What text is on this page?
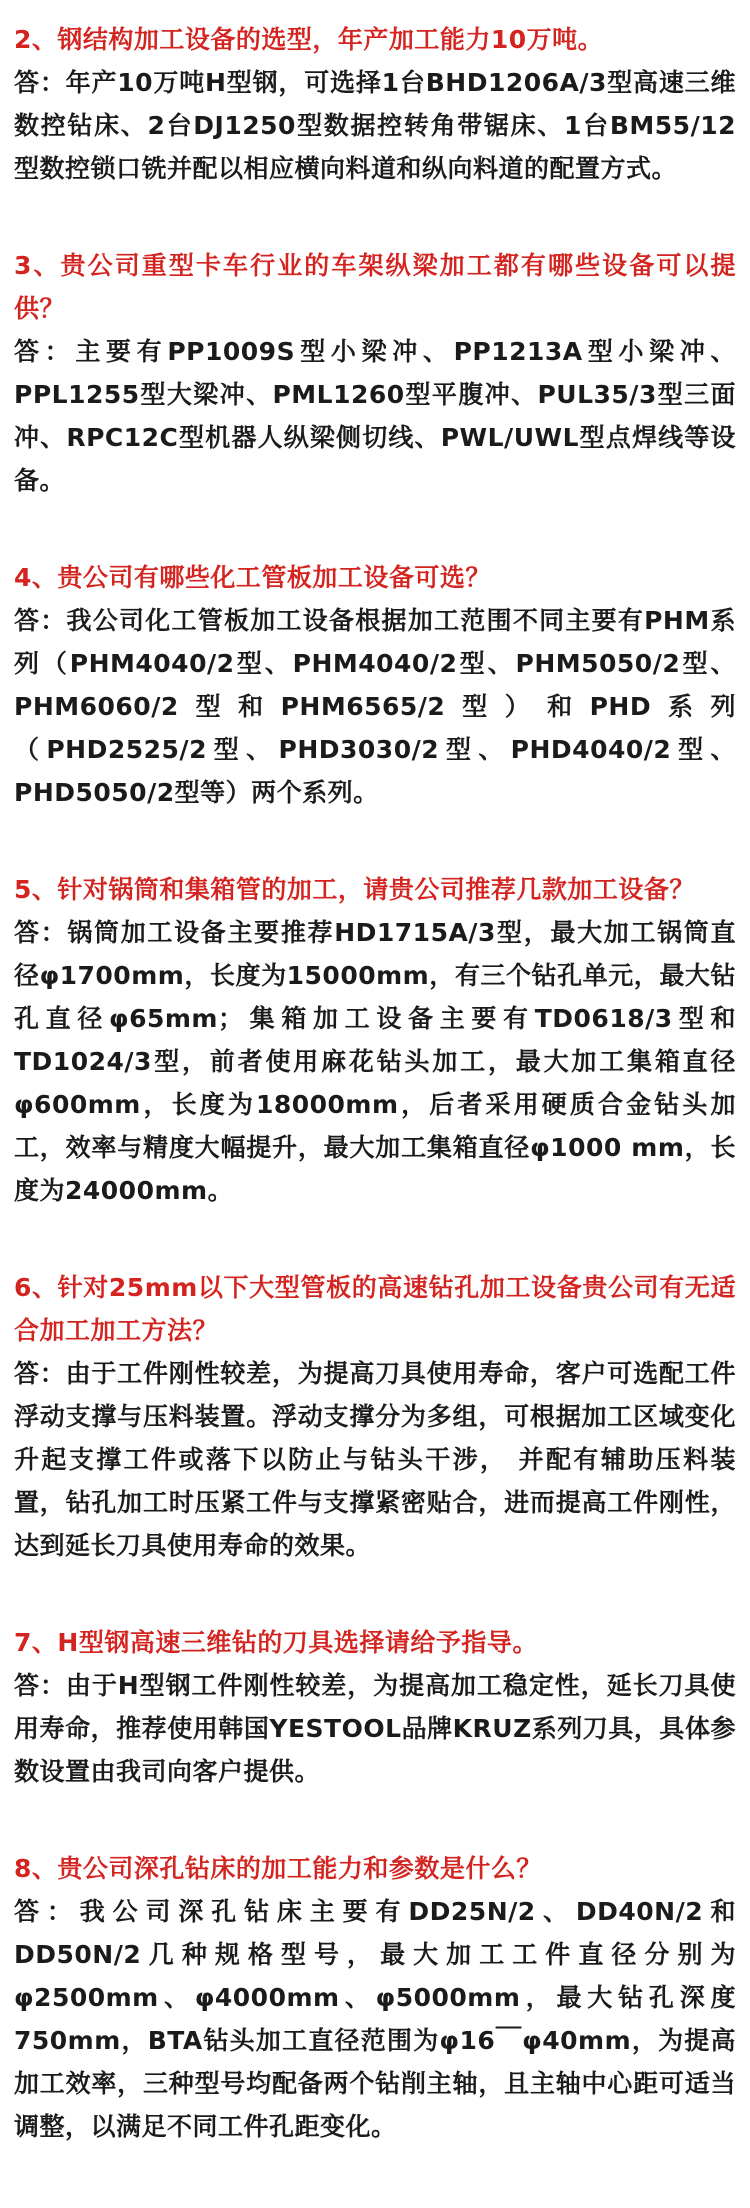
2、钢结构加工设备的选型，年产加工能力10万吨。

答：年产10万吨H型钢，可选择1台BHD1206A/3型高速三维数控钻床、2台DJ1250型数据控转角带锯床、1台BM55/12型数控锁口铣并配以相应横向料道和纵向料道的配置方式。

3、贵公司重型卡车行业的车架纵梁加工都有哪些设备可以提供？

答：主要有PP1009S型小梁冲、PP1213A型小梁冲、PPL1255型大梁冲、PML1260型平腹冲、PUL35/3型三面冲、RPC12C型机器人纵梁侧切线、PWL/UWL型点焊线等设备。

4、贵公司有哪些化工管板加工设备可选？

答：我公司化工管板加工设备根据加工范围不同主要有PHM系列（PHM4040/2型、PHM4040/2型、PHM5050/2型、PHM6060/2型和PHM6565/2型）和PHD系列（PHD2525/2型、PHD3030/2型、PHD4040/2型、PHD5050/2型等）两个系列。

5、针对锅筒和集箱管的加工，请贵公司推荐几款加工设备？

答：锅筒加工设备主要推荐HD1715A/3型，最大加工锅筒直径φ1700mm，长度为15000mm，有三个钻孔单元，最大钻孔直径φ65mm；集箱加工设备主要有TD0618/3型和TD1024/3型，前者使用麻花钻头加工，最大加工集箱直径φ600mm，长度为18000mm，后者采用硬质合金钻头加工，效率与精度大幅提升，最大加工集箱直径φ1000 mm，长度为24000mm。

6、针对25mm以下大型管板的高速钻孔加工设备贵公司有无适合加工加工方法？

答：由于工件刚性较差，为提高刀具使用寿命，客户可选配工件浮动支撑与压料装置。浮动支撑分为多组，可根据加工区域变化升起支撑工件或落下以防止与钻头干涉， 并配有辅助压料装置，钻孔加工时压紧工件与支撑紧密贴合，进而提高工件刚性，达到延长刀具使用寿命的效果。

7、H型钢高速三维钻的刀具选择请给予指导。

答：由于H型钢工件刚性较差，为提高加工稳定性，延长刀具使用寿命，推荐使用韩国YESTOOL品牌KRUZ系列刀具，具体参数设置由我司向客户提供。

8、贵公司深孔钻床的加工能力和参数是什么？

答：我公司深孔钻床主要有DD25N/2、DD40N/2和DD50N/2几种规格型号，最大加工工件直径分别为φ2500mm、φ4000mm、φ5000mm，最大钻孔深度750mm，BTA钻头加工直径范围为φ16￣φ40mm，为提高加工效率，三种型号均配备两个钻削主轴，且主轴中心距可适当调整，以满足不同工件孔距变化。
